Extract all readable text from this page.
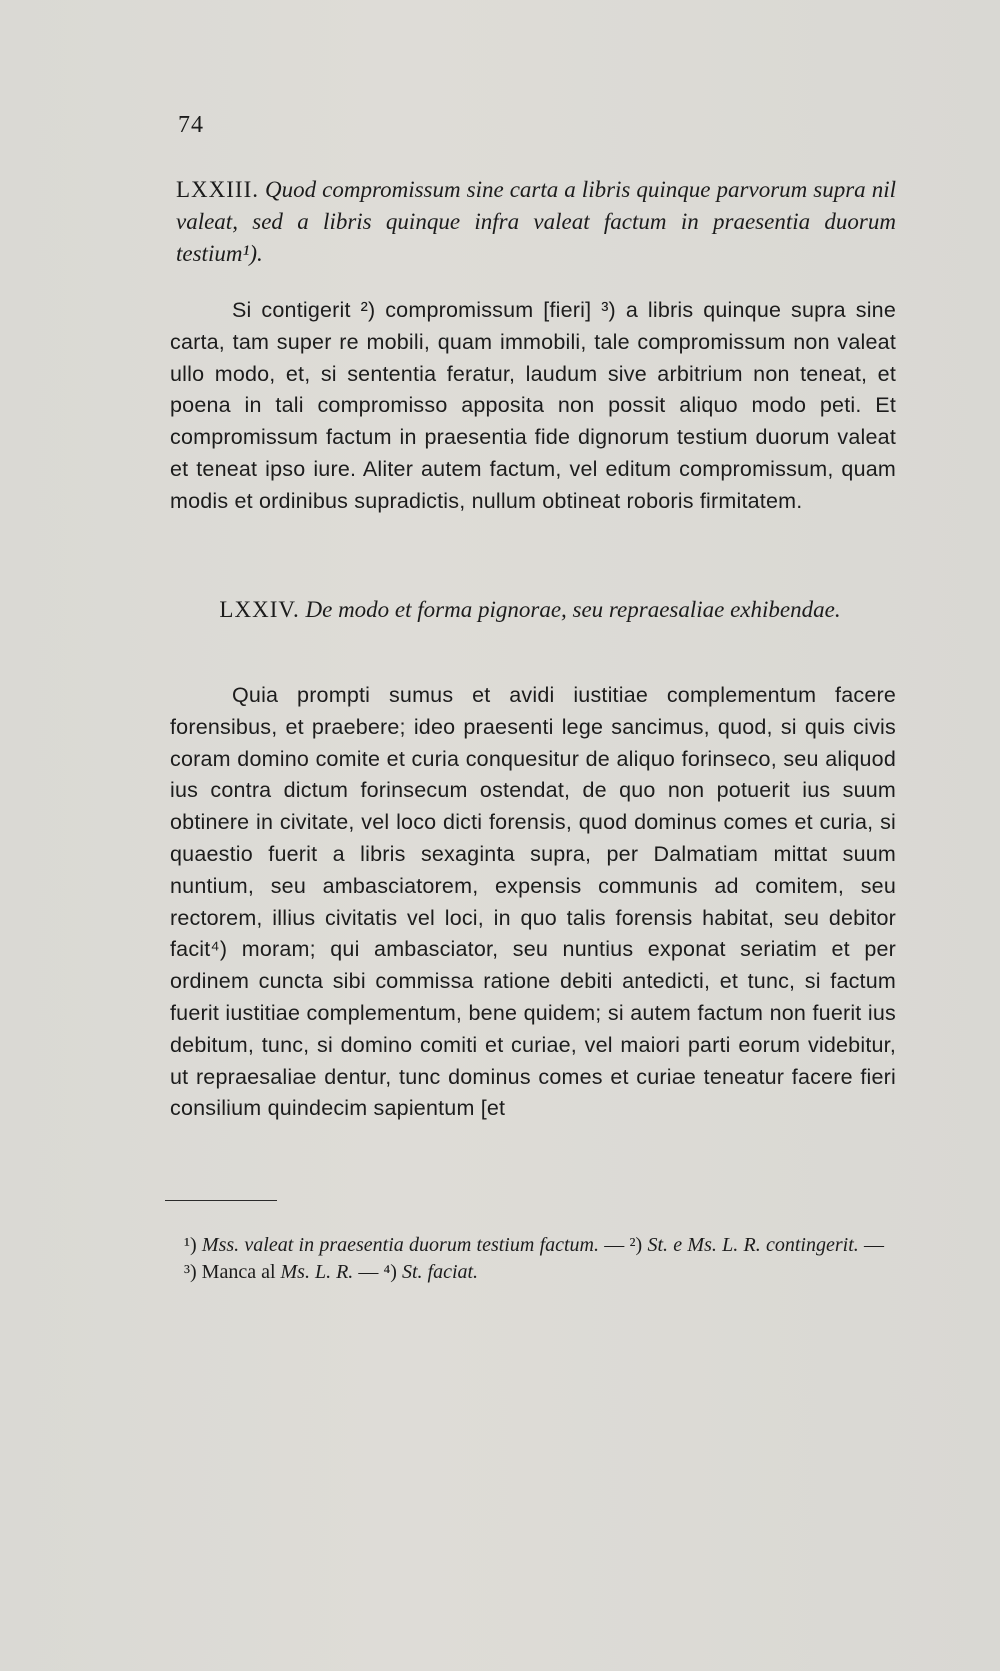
74
LXXIII. Quod compromissum sine carta a libris quinque parvorum supra nil valeat, sed a libris quinque infra valeat factum in praesentia duorum testium¹).
Si contigerit ²) compromissum [fieri] ³) a libris quinque supra sine carta, tam super re mobili, quam immobili, tale compromissum non valeat ullo modo, et, si sententia feratur, laudum sive arbitrium non teneat, et poena in tali compromisso apposita non possit aliquo modo peti. Et compromissum factum in praesentia fide dignorum testium duorum valeat et teneat ipso iure. Aliter autem factum, vel editum compromissum, quam modis et ordinibus supradictis, nullum obtineat roboris firmitatem.
LXXIV. De modo et forma pignorae, seu repraesaliae exhibendae.
Quia prompti sumus et avidi iustitiae complementum facere forensibus, et praebere; ideo praesenti lege sancimus, quod, si quis civis coram domino comite et curia conquesitur de aliquo forinseco, seu aliquod ius contra dictum forinsecum ostendat, de quo non potuerit ius suum obtinere in civitate, vel loco dicti forensis, quod dominus comes et curia, si quaestio fuerit a libris sexaginta supra, per Dalmatiam mittat suum nuntium, seu ambasciatorem, expensis communis ad comitem, seu rectorem, illius civitatis vel loci, in quo talis forensis habitat, seu debitor facit⁴) moram; qui ambasciator, seu nuntius exponat seriatim et per ordinem cuncta sibi commissa ratione debiti antedicti, et tunc, si factum fuerit iustitiae complementum, bene quidem; si autem factum non fuerit ius debitum, tunc, si domino comiti et curiae, vel maiori parti eorum videbitur, ut repraesaliae dentur, tunc dominus comes et curiae teneatur facere fieri consilium quindecim sapientum [et
¹) Mss. valeat in praesentia duorum testium factum. — ²) St. e Ms. L. R. contingerit. — ³) Manca al Ms. L. R. — ⁴) St. faciat.
